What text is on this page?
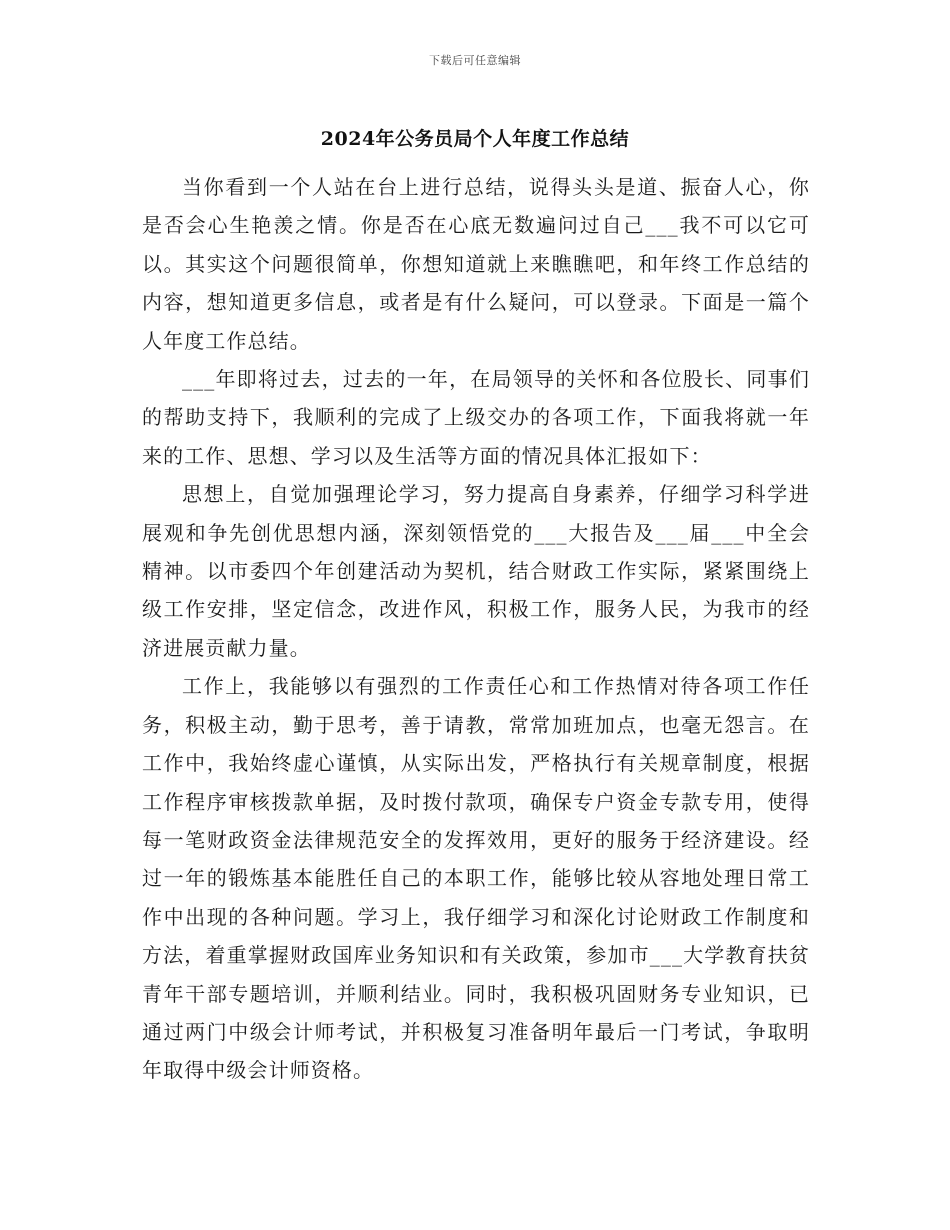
下载后可任意编辑
2024年公务员局个人年度工作总结

当你看到一个人站在台上进行总结，说得头头是道、振奋人心，你是否会心生艳羡之情。你是否在心底无数遍问过自己___我不可以它可以。其实这个问题很简单，你想知道就上来瞧瞧吧，和年终工作总结的内容，想知道更多信息，或者是有什么疑问，可以登录。下面是一篇个人年度工作总结。

___年即将过去，过去的一年，在局领导的关怀和各位股长、同事们的帮助支持下，我顺利的完成了上级交办的各项工作，下面我将就一年来的工作、思想、学习以及生活等方面的情况具体汇报如下：

思想上，自觉加强理论学习，努力提高自身素养，仔细学习科学进展观和争先创优思想内涵，深刻领悟党的___大报告及___届___中全会精神。以市委四个年创建活动为契机，结合财政工作实际，紧紧围绕上级工作安排，坚定信念，改进作风，积极工作，服务人民，为我市的经济进展贡献力量。

工作上，我能够以有强烈的工作责任心和工作热情对待各项工作任务，积极主动，勤于思考，善于请教，常常加班加点，也毫无怨言。在工作中，我始终虚心谨慎，从实际出发，严格执行有关规章制度，根据工作程序审核拨款单据，及时拨付款项，确保专户资金专款专用，使得每一笔财政资金法律规范安全的发挥效用，更好的服务于经济建设。经过一年的锻炼基本能胜任自己的本职工作，能够比较从容地处理日常工作中出现的各种问题。学习上，我仔细学习和深化讨论财政工作制度和方法，着重掌握财政国库业务知识和有关政策，参加市___大学教育扶贫青年干部专题培训，并顺利结业。同时，我积极巩固财务专业知识，已通过两门中级会计师考试，并积极复习准备明年最后一门考试，争取明年取得中级会计师资格。
